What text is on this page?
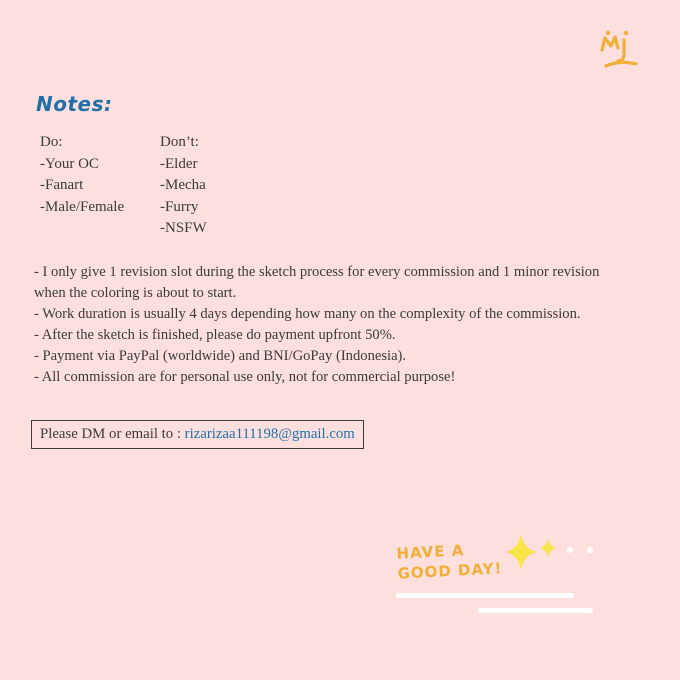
Notes:
Do:
-Your OC
-Fanart
-Male/Female
Don’t:
-Elder
-Mecha
-Furry
-NSFW
- I only give 1 revision slot during the sketch process for every commission and 1 minor revision when the coloring is about to start.
- Work duration is usually 4 days depending how many on the complexity of the commission.
- After the sketch is finished, please do payment upfront 50%.
- Payment via PayPal (worldwide) and BNI/GoPay (Indonesia).
- All commission are for personal use only, not for commercial purpose!
Please DM or email to : rizarizaa111198@gmail.com
HAVE A
GOOD DAY!
